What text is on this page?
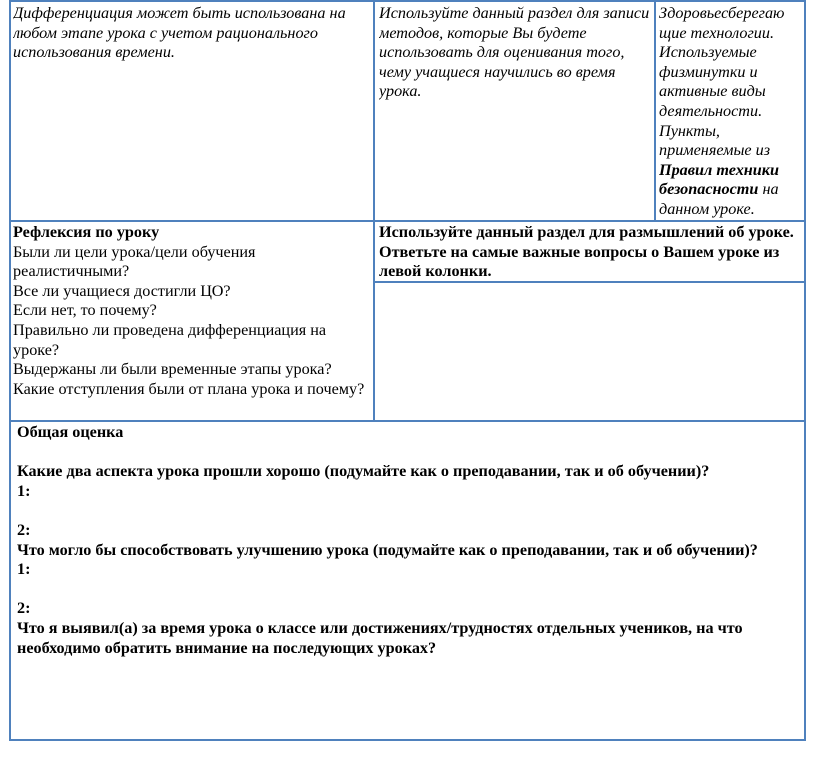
Дифференциация может быть использована на любом этапе урока с учетом рационального использования времени.

Используйте данный раздел для записи методов, которые Вы будете использовать для оценивания того, чему учащиеся научились во время урока.

Здоровьесберегаю щие технологии. Используемые физминутки и активные виды деятельности. Пункты, применяемые из Правил техники безопасности на данном уроке.

Рефлексия по уроку

Были ли цели урока/цели обучения реалистичными?

Все ли учащиеся достигли ЦО?

Если нет, то почему?

Правильно ли проведена дифференциация на уроке?

Выдержаны ли были временные этапы урока?

Какие отступления были от плана урока и почему?

Используйте данный раздел для размышлений об уроке. Ответьте на самые важные вопросы о Вашем уроке из левой колонки.

Общая оценка

Какие два аспекта урока прошли хорошо (подумайте как о преподавании, так и об обучении)?

1:

2:

Что могло бы способствовать улучшению урока (подумайте как о преподавании, так и об обучении)?

1:

2:

Что я выявил(а) за время урока о классе или достижениях/трудностях отдельных учеников, на что необходимо обратить внимание на последующих уроках?
